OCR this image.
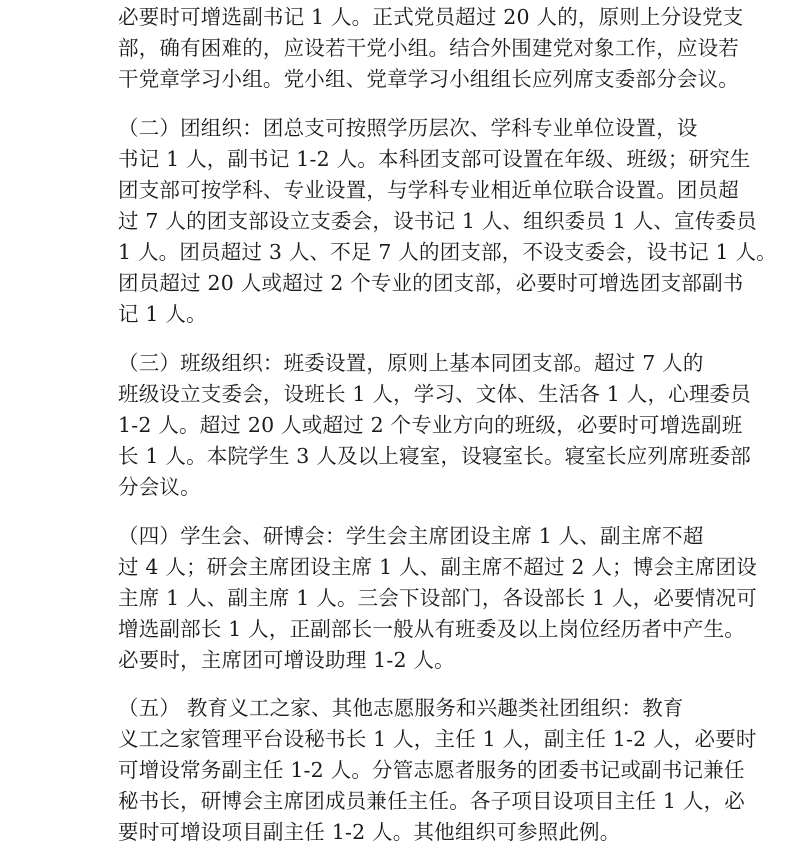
必要时可增选副书记 1 人。正式党员超过 20 人的，原则上分设党支
部，确有困难的，应设若干党小组。结合外围建党对象工作，应设若
干党章学习小组。党小组、党章学习小组组长应列席支委部分会议。
（二）团组织：团总支可按照学历层次、学科专业单位设置，设
书记 1 人，副书记 1-2 人。本科团支部可设置在年级、班级；研究生
团支部可按学科、专业设置，与学科专业相近单位联合设置。团员超
过 7 人的团支部设立支委会，设书记 1 人、组织委员 1 人、宣传委员
1 人。团员超过 3 人、不足 7 人的团支部，不设支委会，设书记 1 人。
团员超过 20 人或超过 2 个专业的团支部，必要时可增选团支部副书
记 1 人。
（三）班级组织：班委设置，原则上基本同团支部。超过 7 人的
班级设立支委会，设班长 1 人，学习、文体、生活各 1 人，心理委员
1-2 人。超过 20 人或超过 2 个专业方向的班级，必要时可增选副班
长 1 人。本院学生 3 人及以上寝室，设寝室长。寝室长应列席班委部
分会议。
（四）学生会、研博会：学生会主席团设主席 1 人、副主席不超
过 4 人；研会主席团设主席 1 人、副主席不超过 2 人；博会主席团设
主席 1 人、副主席 1 人。三会下设部门，各设部长 1 人，必要情况可
增选副部长 1 人，正副部长一般从有班委及以上岗位经历者中产生。
必要时，主席团可增设助理 1-2 人。
（五） 教育义工之家、其他志愿服务和兴趣类社团组织：教育
义工之家管理平台设秘书长 1 人，主任 1 人，副主任 1-2 人，必要时
可增设常务副主任 1-2 人。分管志愿者服务的团委书记或副书记兼任
秘书长，研博会主席团成员兼任主任。各子项目设项目主任 1 人，必
要时可增设项目副主任 1-2 人。其他组织可参照此例。
